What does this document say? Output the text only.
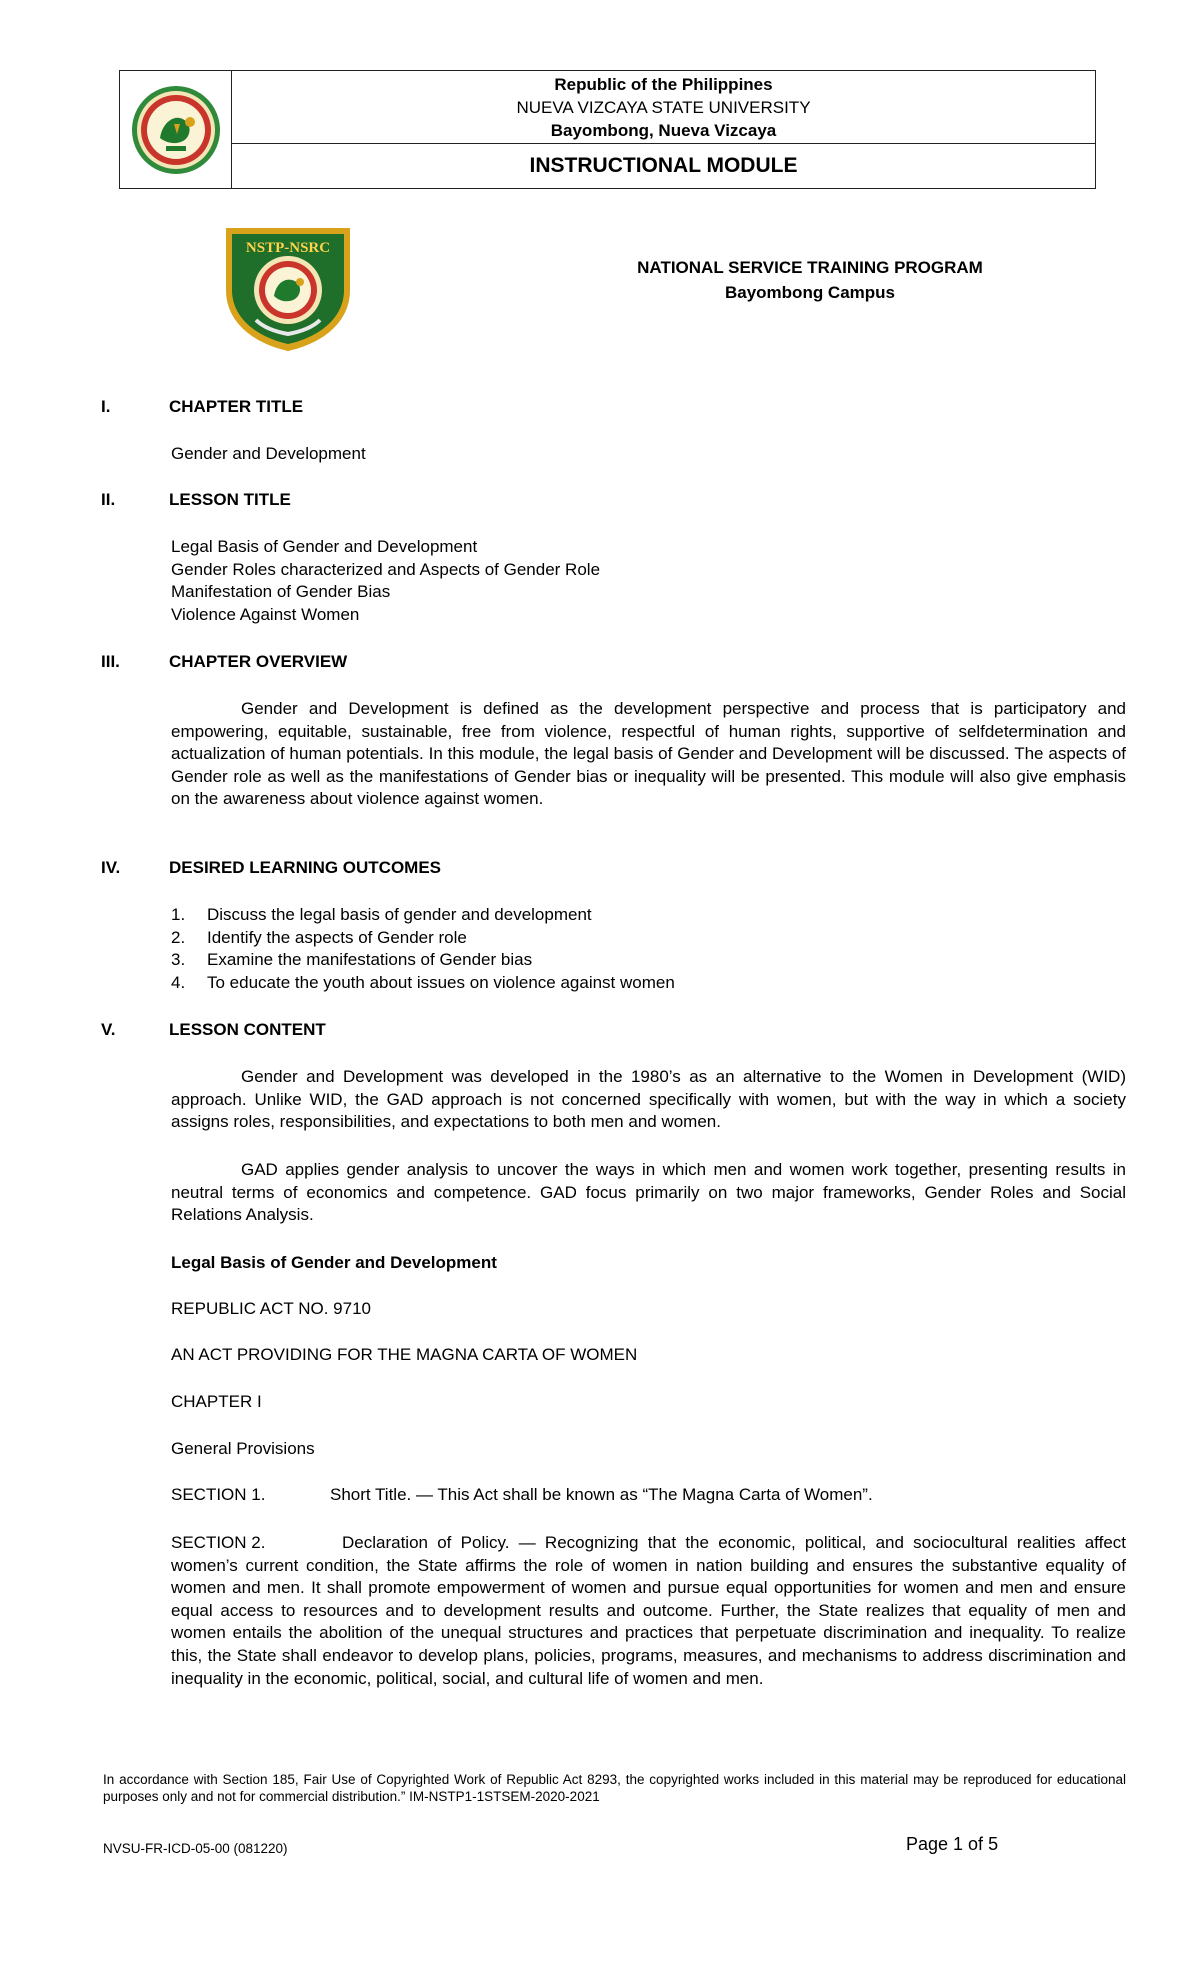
Republic of the Philippines
NUEVA VIZCAYA STATE UNIVERSITY
Bayombong, Nueva Vizcaya
INSTRUCTIONAL MODULE
NSTP-NSRC
NATIONAL SERVICE TRAINING PROGRAM
Bayombong Campus
I.	CHAPTER TITLE
Gender and Development
II.	LESSON TITLE
Legal Basis of Gender and Development
Gender Roles characterized and Aspects of Gender Role
Manifestation of Gender Bias
Violence Against Women
III.	CHAPTER OVERVIEW
Gender and Development is defined as the development perspective and process that is participatory and empowering, equitable, sustainable, free from violence, respectful of human rights, supportive of selfdetermination and actualization of human potentials. In this module, the legal basis of Gender and Development will be discussed. The aspects of Gender role as well as the manifestations of Gender bias or inequality will be presented. This module will also give emphasis on the awareness about violence against women.
IV.	DESIRED LEARNING OUTCOMES
1.	Discuss the legal basis of gender and development
2.	Identify the aspects of Gender role
3.	Examine the manifestations of Gender bias
4.	To educate the youth about issues on violence against women
V.	LESSON CONTENT
Gender and Development was developed in the 1980’s as an alternative to the Women in Development (WID) approach. Unlike WID, the GAD approach is not concerned specifically with women, but with the way in which a society assigns roles, responsibilities, and expectations to both men and women.
GAD applies gender analysis to uncover the ways in which men and women work together, presenting results in neutral terms of economics and competence. GAD focus primarily on two major frameworks, Gender Roles and Social Relations Analysis.
Legal Basis of Gender and Development
REPUBLIC ACT NO. 9710
AN ACT PROVIDING FOR THE MAGNA CARTA OF WOMEN
CHAPTER I
General Provisions
SECTION 1.	Short Title. — This Act shall be known as “The Magna Carta of Women”.
SECTION 2.	Declaration of Policy. — Recognizing that the economic, political, and sociocultural realities affect women’s current condition, the State affirms the role of women in nation building and ensures the substantive equality of women and men. It shall promote empowerment of women and pursue equal opportunities for women and men and ensure equal access to resources and to development results and outcome. Further, the State realizes that equality of men and women entails the abolition of the unequal structures and practices that perpetuate discrimination and inequality. To realize this, the State shall endeavor to develop plans, policies, programs, measures, and mechanisms to address discrimination and inequality in the economic, political, social, and cultural life of women and men.
In accordance with Section 185, Fair Use of Copyrighted Work of Republic Act 8293, the copyrighted works included in this material may be reproduced for educational purposes only and not for commercial distribution.” IM-NSTP1-1STSEM-2020-2021
NVSU-FR-ICD-05-00 (081220)	Page 1 of 5
